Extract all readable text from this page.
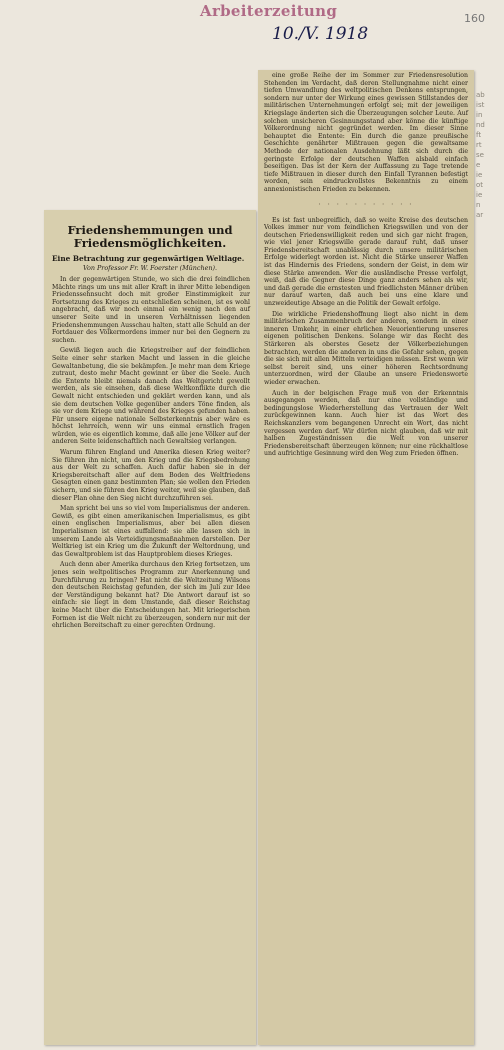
Arbeiterzeitung
10./V. 1918
160
Friedenshemmungen und Friedensmöglichkeiten.
Eine Betrachtung zur gegenwärtigen Weltlage.
Von Professor Fr. W. Foerster (München).

In der gegenwärtigen Stunde, wo sich die drei feindlichen Mächte rings um uns mit aller Kraft in ihrer Mitte lebendigen Friedenssehnsucht doch mit großer Einstimmigkeit zur Fortsetzung des Krieges zu entschließen scheinen, ist es wohl angebracht, daß wir noch einmal ein wenig nach den auf unserer Seite und in unseren Verhältnissen liegenden Friedenshemmungen Ausschau halten, statt alle Schuld an der Fortdauer des Völkermordens immer nur bei den Gegnern zu suchen.

Gewiß liegen auch die Kriegstreiber auf der feindlichen Seite einer sehr starken Macht und lassen in die gleiche Gewaltanbetung, die sie bekämpfen. Je mehr man dem Kriege zutraut, desto mehr Macht gewinnt er über die Seele. Auch die Entente bleibt niemals danach das Weltgericht gewollt werden, als sie einsehen, daß diese Weltkonflikte durch die Gewalt nicht entschieden und geklärt werden kann, und als sie dem deutschen Volke gegenüber anders Töne finden, als sie vor dem Kriege und während des Krieges gefunden haben. Für unsere eigene nationale Selbsterkenntnis aber wäre es höchst lehrreich, wenn wir uns einmal ernstlich fragen würden, wie es eigentlich komme, daß alle jene Völker auf der anderen Seite leidenschaftlich nach Gewaltsieg verlangen.

Warum führen England und Amerika diesen Krieg weiter? Sie führen ihn nicht, um den Krieg und die Kriegsbedrohung aus der Welt zu schaffen. Auch dafür haben sie in der Kriegsbereitschaft aller auf dem Boden des Weltfriedens Gesagten einen ganz bestimmten Plan; sie wollen den Frieden sichern, und sie führen den Krieg weiter, weil sie glauben, daß dieser Plan ohne den Sieg nicht durchzuführen sei.

Man spricht bei uns so viel vom Imperialismus der anderen. Gewiß, es gibt einen amerikanischen Imperialismus, es gibt einen englischen Imperialismus, aber bei allen diesen Imperialismen ist eines auffallend: sie alle lassen sich in unserem Lande als Verteidigungsmaßnahmen darstellen. Der Weltkrieg ist ein Krieg um die Zukunft der Weltordnung, und das Gewaltproblem ist das Hauptproblem dieses Krieges.

Auch denn aber Amerika durchaus den Krieg fortsetzen, um jenes sein weltpolitisches Programm zur Anerkennung und Durchführung zu bringen? Hat nicht die Weltzeitung Wilsons den deutschen Reichstag gefunden, der sich im Juli zur Idee der Verständigung bekannt hat? Die Antwort darauf ist so einfach: sie liegt in dem Umstande, daß dieser Reichstag keine Macht über die Entscheidungen hat. Mit kriegerischen Formen ist die Welt nicht zu überzeugen, sondern nur mit der ehrlichen Bereitschaft zu einer gerechten Ordnung.

eine große Reihe der im Sommer zur Friedensresolution Stehenden im Verdacht, daß deren Stellungnahme nicht einer tiefen Umwandlung des weltpolitischen Denkens entsprungen, sondern nur unter der Wirkung eines gewissen Stillstandes der militärischen Unternehmungen erfolgt sei; mit der jeweiligen Kriegslage änderten sich die Überzeugungen solcher Leute. Auf solchen unsicheren Gesinnungsstand aber könne die künftige Völkerordnung nicht gegründet werden. Im dieser Sinne behauptet die Entente: Ein durch die ganze preußische Geschichte genährter Mißtrauen gegen die gewaltsame Methode der nationalen Ausdehnung läßt sich durch die geringste Erfolge der deutschen Waffen alsbald einfach beseitigen. Das ist der Kern der Auffassung zu Tage tretende tiefe Mißtrauen in dieser durch den Einfall Tyrannen befestigt worden, sein eindruckvollstes Bekenntnis zu einem annexionistischen Frieden zu bekennen.

· · · · · · · · · · ·

Es ist fast unbegreiflich, daß so weite Kreise des deutschen Volkes immer nur vom feindlichen Kriegswillen und von der deutschen Friedenswilligkeit reden und sich gar nicht fragen, wie viel jener Kriegswille gerade darauf ruht, daß unser Friedensbereitschaft unablässig durch unsere militärischen Erfolge widerlegt worden ist. Nicht die Stärke unserer Waffen ist das Hindernis des Friedens, sondern der Geist, in dem wir diese Stärke anwenden. Wer die ausländische Presse verfolgt, weiß, daß die Gegner diese Dinge ganz anders sehen als wir, und daß gerade die ernstesten und friedlichsten Männer drüben nur darauf warten, daß auch bei uns eine klare und unzweideutige Absage an die Politik der Gewalt erfolge.

Die wirkliche Friedenshoffnung liegt also nicht in dem militärischen Zusammenbruch der anderen, sondern in einer inneren Umkehr, in einer ehrlichen Neuorientierung unseres eigenen politischen Denkens. Solange wir das Recht des Stärkeren als oberstes Gesetz der Völkerbeziehungen betrachten, werden die anderen in uns die Gefahr sehen, gegen die sie sich mit allen Mitteln verteidigen müssen. Erst wenn wir selbst bereit sind, uns einer höheren Rechtsordnung unterzuordnen, wird der Glaube an unsere Friedensworte wieder erwachen.

Auch in der belgischen Frage muß von der Erkenntnis ausgegangen werden, daß nur eine vollständige und bedingungslose Wiederherstellung das Vertrauen der Welt zurückgewinnen kann. Auch hier ist das Wort des Reichskanzlers vom begangenen Unrecht ein Wort, das nicht vergessen werden darf. Wir dürfen nicht glauben, daß wir mit halben Zugeständnissen die Welt von unserer Friedensbereitschaft überzeugen können; nur eine rückhaltlose und aufrichtige Gesinnung wird den Weg zum Frieden öffnen.

ab
ist
in
nd
ft
rt
se
e
ie
ot
ie
n
ar
